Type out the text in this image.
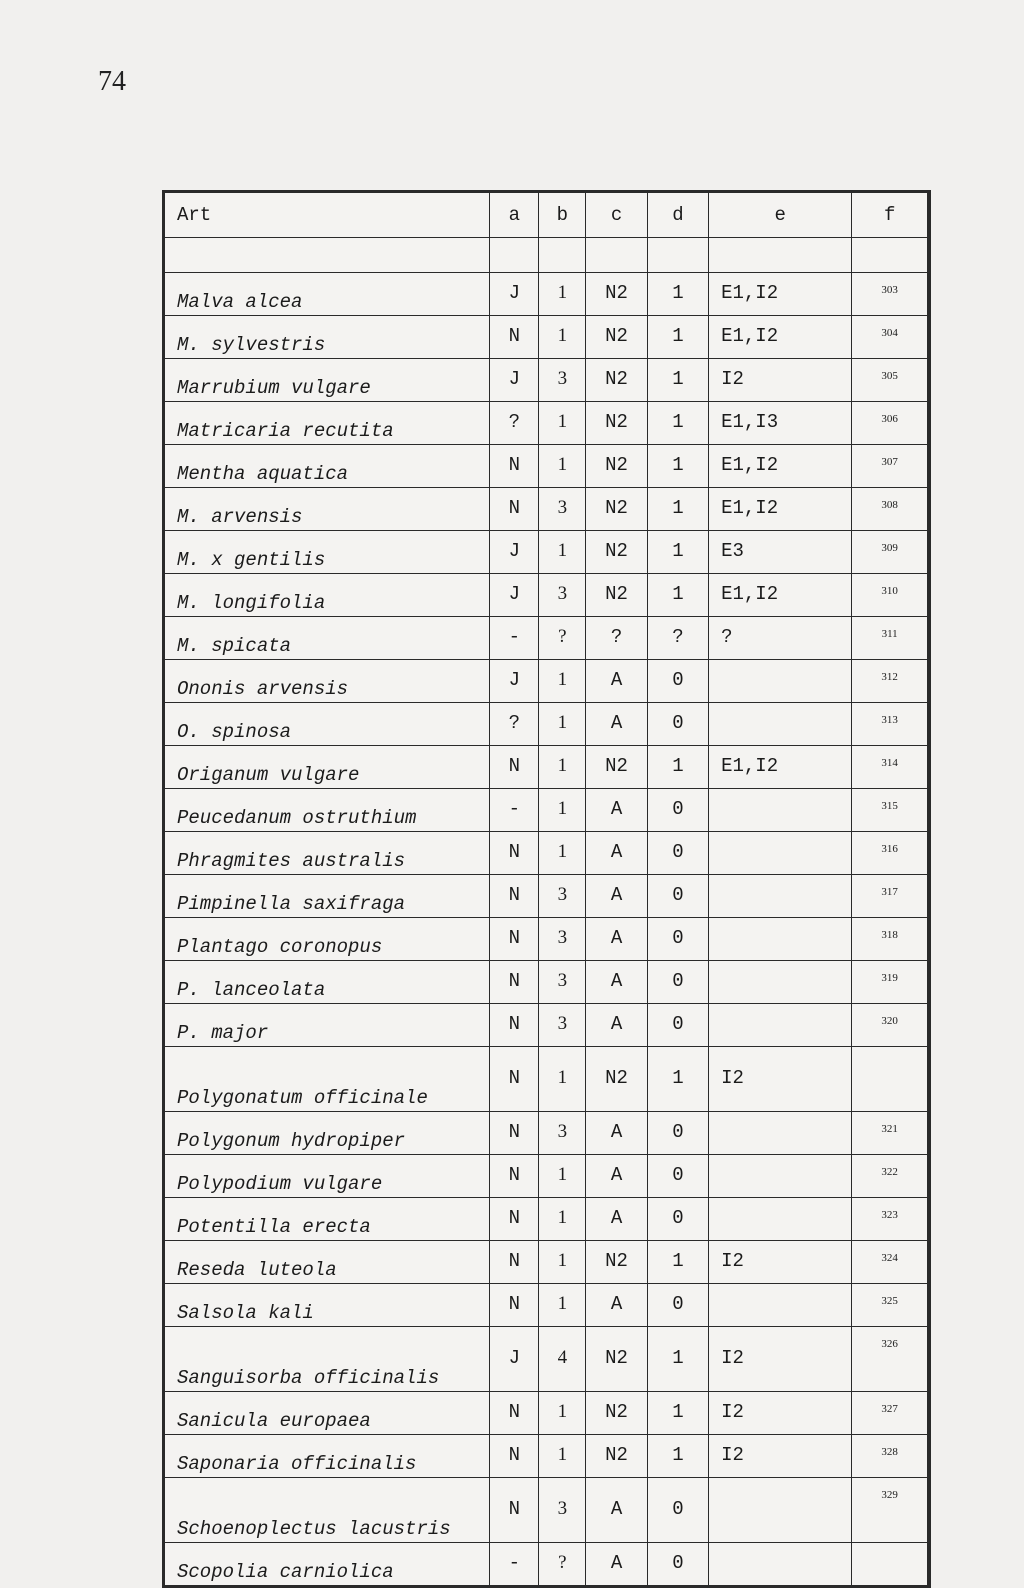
74
Art	a	b	c	d	e	f

Malva alcea	J	1	N2	1	E1,I2	303
M. sylvestris	N	1	N2	1	E1,I2	304
Marrubium vulgare	J	3	N2	1	I2	305
Matricaria recutita	?	1	N2	1	E1,I3	306
Mentha aquatica	N	1	N2	1	E1,I2	307
M. arvensis	N	3	N2	1	E1,I2	308
M. x gentilis	J	1	N2	1	E3	309
M. longifolia	J	3	N2	1	E1,I2	310
M. spicata	-	?	?	?	?	311
Ononis arvensis	J	1	A	0		312
O. spinosa	?	1	A	0		313
Origanum vulgare	N	1	N2	1	E1,I2	314
Peucedanum ostruthium	-	1	A	0		315
Phragmites australis	N	1	A	0		316
Pimpinella saxifraga	N	3	A	0		317
Plantago coronopus	N	3	A	0		318
P. lanceolata	N	3	A	0		319
P. major	N	3	A	0		320
Polygonatum officinale	N	1	N2	1	I2	
Polygonum hydropiper	N	3	A	0		321
Polypodium vulgare	N	1	A	0		322
Potentilla erecta	N	1	A	0		323
Reseda luteola	N	1	N2	1	I2	324
Salsola kali	N	1	A	0		325
Sanguisorba officinalis	J	4	N2	1	I2	326
Sanicula europaea	N	1	N2	1	I2	327
Saponaria officinalis	N	1	N2	1	I2	328
Schoenoplectus lacustris	N	3	A	0		329
Scopolia carniolica	-	?	A	0		
